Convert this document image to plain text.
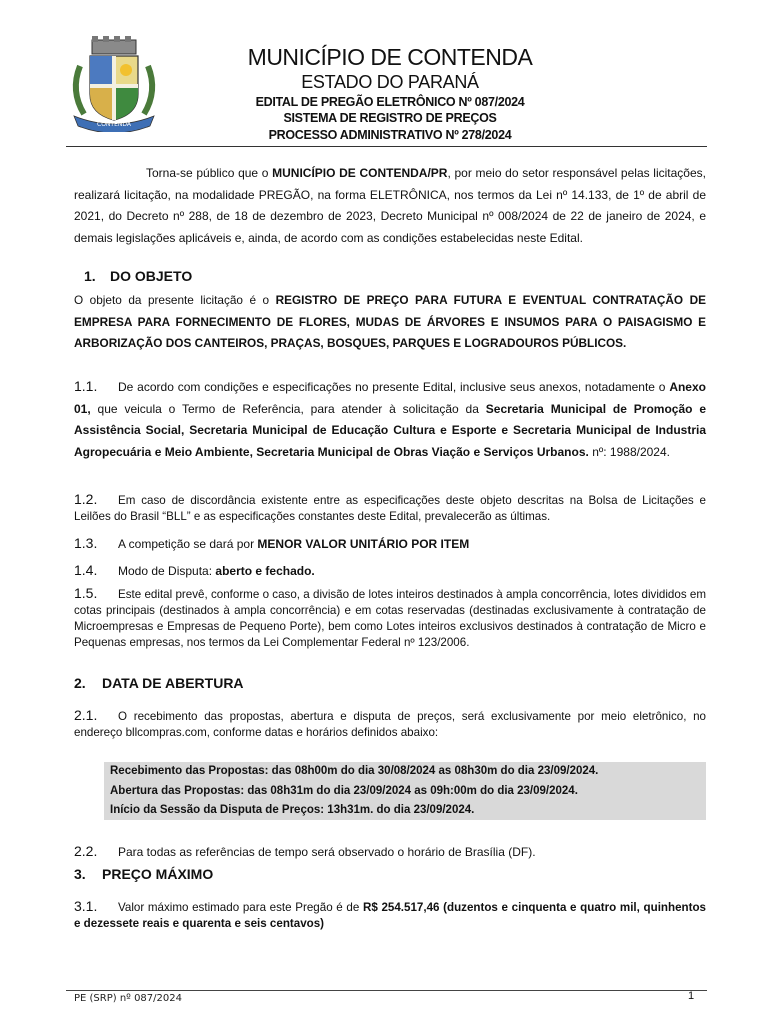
CONTENDA
MUNICÍPIO DE CONTENDA
ESTADO DO PARANÁ
EDITAL DE PREGÃO ELETRÔNICO Nº 087/2024
SISTEMA DE REGISTRO DE PREÇOS
PROCESSO ADMINISTRATIVO Nº 278/2024
Torna-se público que o MUNICÍPIO DE CONTENDA/PR, por meio do setor responsável pelas licitações, realizará licitação, na modalidade PREGÃO, na forma ELETRÔNICA, nos termos da Lei nº 14.133, de 1º de abril de 2021, do Decreto nº 288, de 18 de dezembro de 2023, Decreto Municipal nº 008/2024 de 22 de janeiro de 2024, e demais legislações aplicáveis e, ainda, de acordo com as condições estabelecidas neste Edital.
1. DO OBJETO
O objeto da presente licitação é o REGISTRO DE PREÇO PARA FUTURA E EVENTUAL CONTRATAÇÃO DE EMPRESA PARA FORNECIMENTO DE FLORES, MUDAS DE ÁRVORES E INSUMOS PARA O PAISAGISMO E ARBORIZAÇÃO DOS CANTEIROS, PRAÇAS, BOSQUES, PARQUES E LOGRADOUROS PÚBLICOS.
1.1. De acordo com condições e especificações no presente Edital, inclusive seus anexos, notadamente o Anexo 01, que veicula o Termo de Referência, para atender à solicitação da Secretaria Municipal de Promoção e Assistência Social, Secretaria Municipal de Educação Cultura e Esporte e Secretaria Municipal de Industria Agropecuária e Meio Ambiente, Secretaria Municipal de Obras Viação e Serviços Urbanos. nº: 1988/2024.
1.2. Em caso de discordância existente entre as especificações deste objeto descritas na Bolsa de Licitações e Leilões do Brasil “BLL” e as especificações constantes deste Edital, prevalecerão as últimas.
1.3. A competição se dará por MENOR VALOR UNITÁRIO POR ITEM
1.4. Modo de Disputa: aberto e fechado.
1.5. Este edital prevê, conforme o caso, a divisão de lotes inteiros destinados à ampla concorrência, lotes divididos em cotas principais (destinados à ampla concorrência) e em cotas reservadas (destinadas exclusivamente à contratação de Microempresas e Empresas de Pequeno Porte), bem como Lotes inteiros exclusivos destinados à contratação de Micro e Pequenas empresas, nos termos da Lei Complementar Federal nº 123/2006.
2. DATA DE ABERTURA
2.1. O recebimento das propostas, abertura e disputa de preços, será exclusivamente por meio eletrônico, no endereço bllcompras.com, conforme datas e horários definidos abaixo:
Recebimento das Propostas: das 08h00m do dia 30/08/2024 as 08h30m do dia 23/09/2024.
Abertura das Propostas: das 08h31m do dia 23/09/2024 as 09h:00m do dia 23/09/2024.
Início da Sessão da Disputa de Preços: 13h31m. do dia 23/09/2024.
2.2. Para todas as referências de tempo será observado o horário de Brasília (DF).
3. PREÇO MÁXIMO
3.1. Valor máximo estimado para este Pregão é de R$ 254.517,46 (duzentos e cinquenta e quatro mil, quinhentos e dezessete reais e quarenta e seis centavos)
PE (SRP) nº 087/2024	1
